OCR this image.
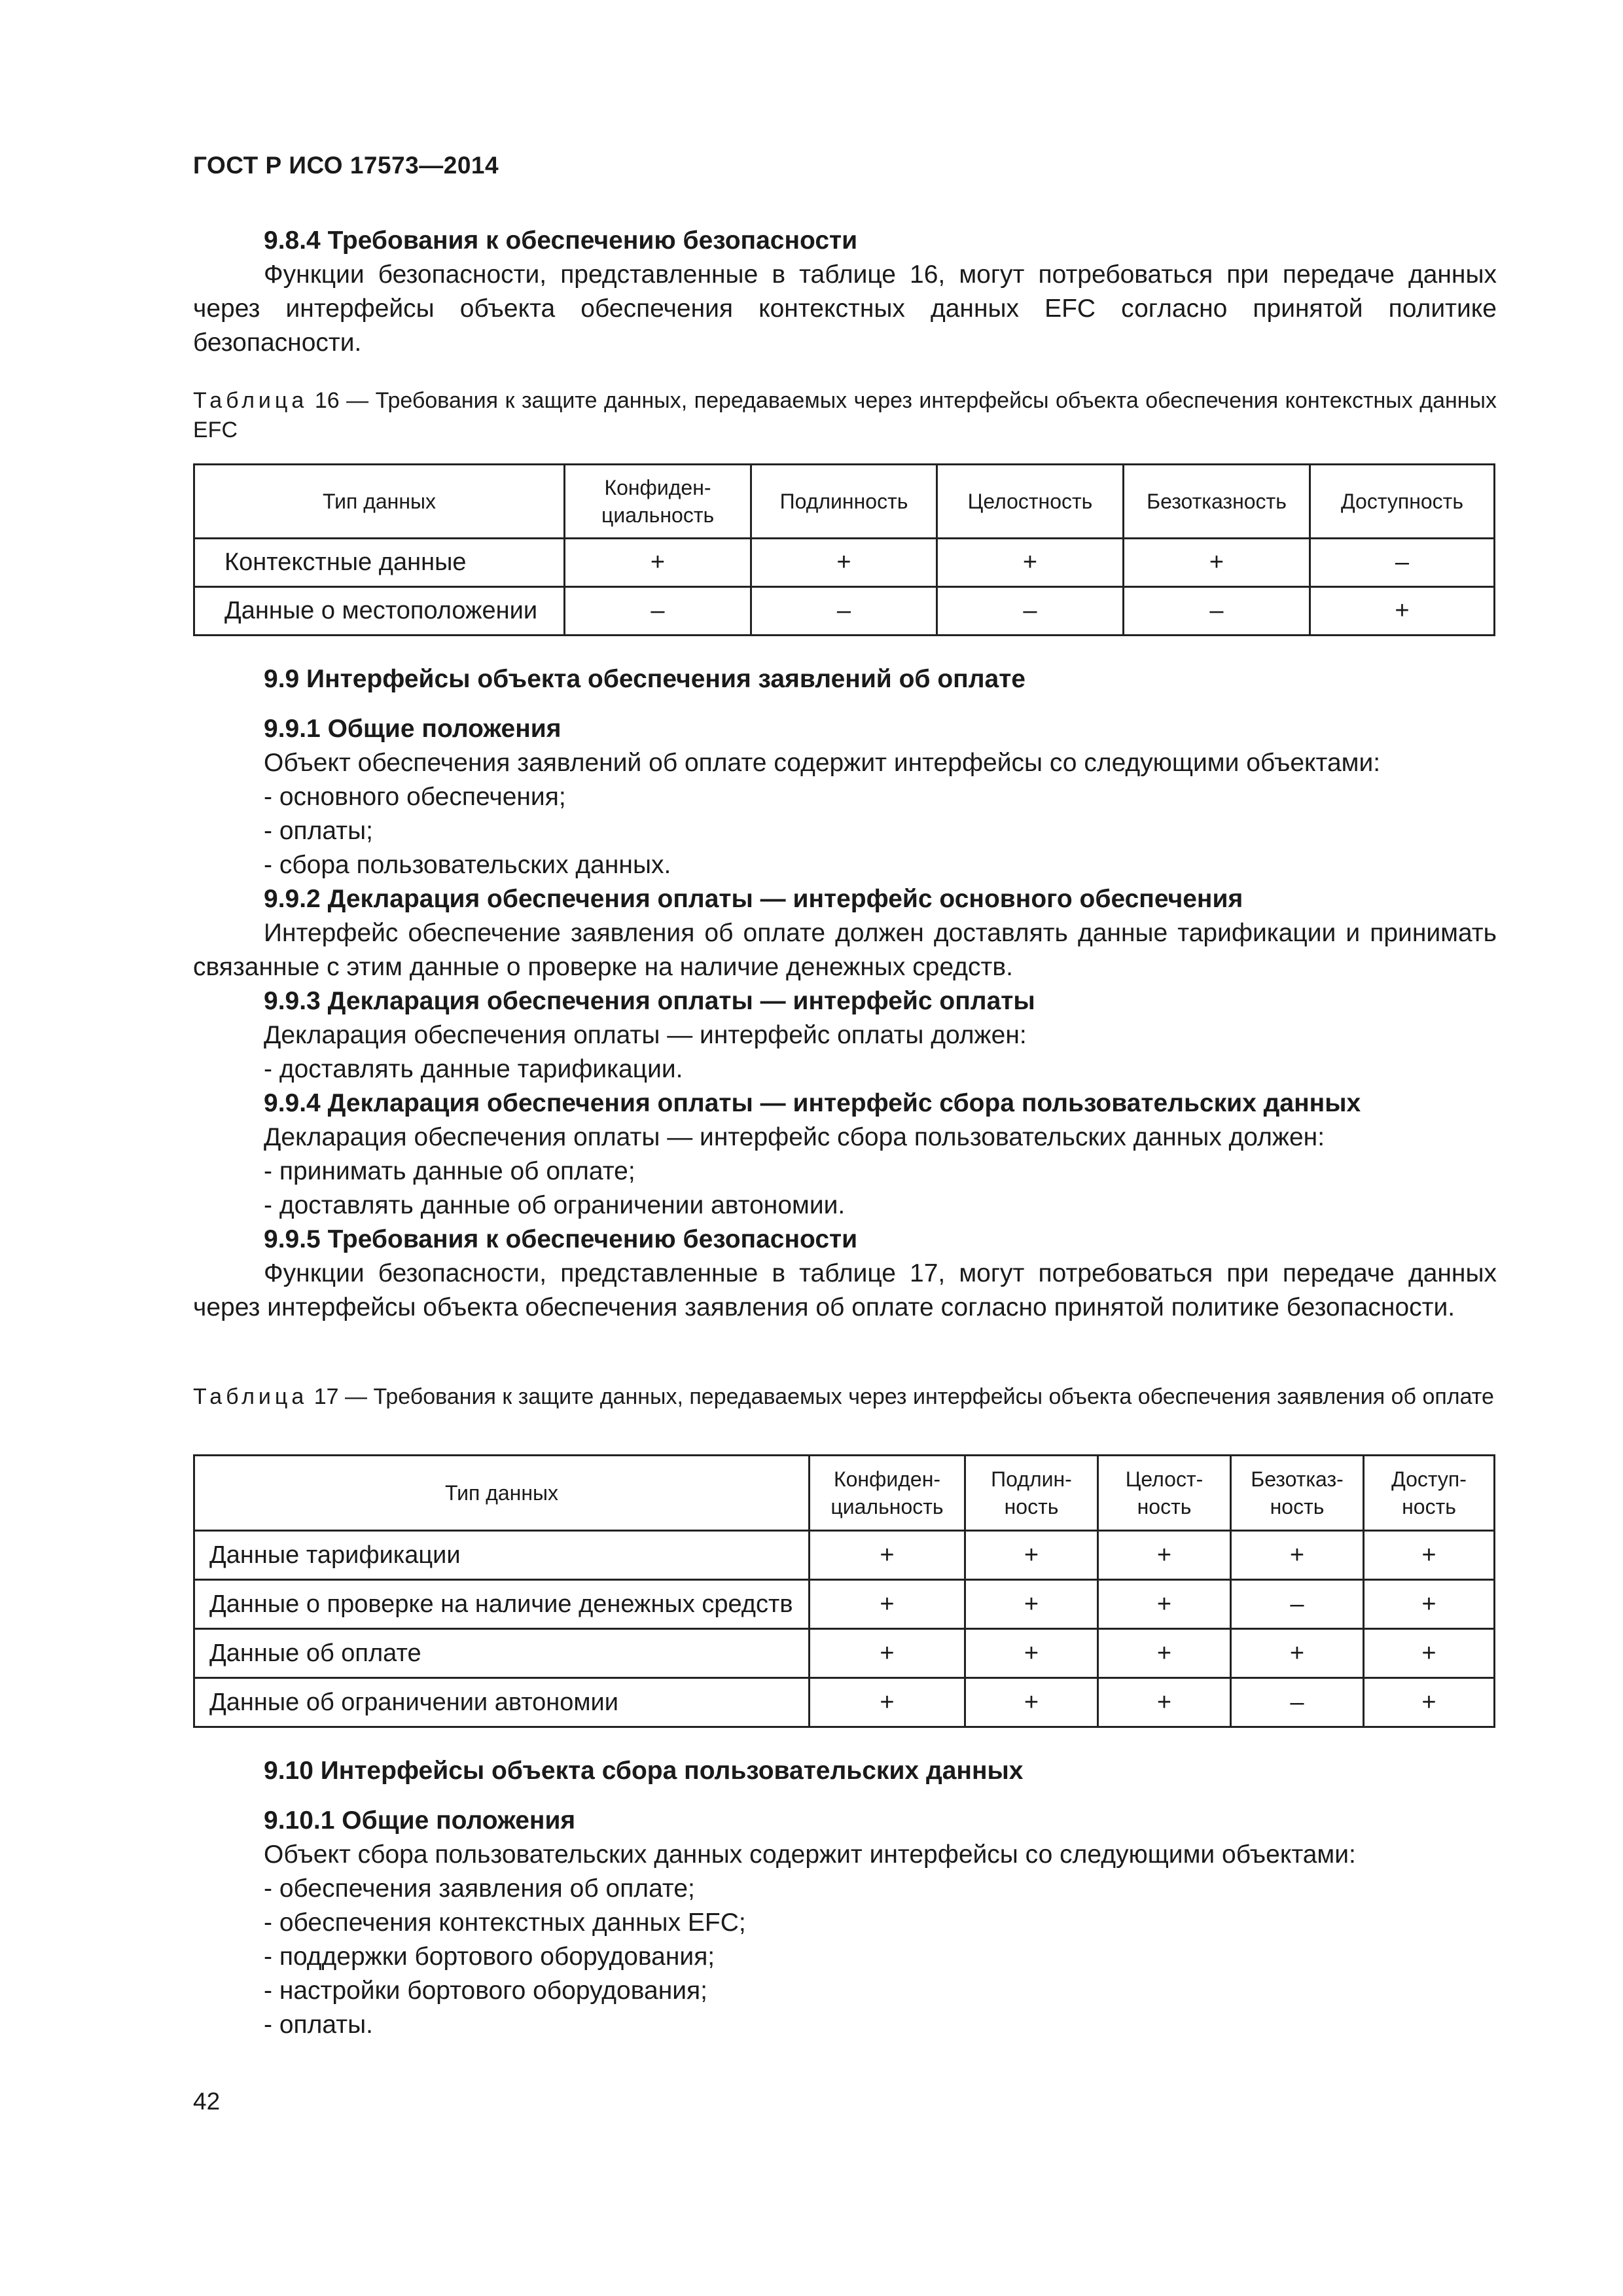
ГОСТ Р ИСО 17573—2014
9.8.4 Требования к обеспечению безопасности

Функции безопасности, представленные в таблице 16, могут потребоваться при передаче данных через интерфейсы объекта обеспечения контекстных данных EFC согласно принятой политике безопасности.

Таблица 16 — Требования к защите данных, передаваемых через интерфейсы объекта обеспечения контекстных данных EFC
Тип данных	Конфиден-циальность	Подлинность	Целостность	Безотказность	Доступность
Контекстные данные	+	+	+	+	–
Данные о местоположении	–	–	–	–	+
9.9 Интерфейсы объекта обеспечения заявлений об оплате
9.9.1 Общие положения
Объект обеспечения заявлений об оплате содержит интерфейсы со следующими объектами:
- основного обеспечения;
- оплаты;
- сбора пользовательских данных.
9.9.2 Декларация обеспечения оплаты — интерфейс основного обеспечения

Интерфейс обеспечение заявления об оплате должен доставлять данные тарификации и принимать связанные с этим данные о проверке на наличие денежных средств.

9.9.3 Декларация обеспечения оплаты — интерфейс оплаты
Декларация обеспечения оплаты — интерфейс оплаты должен:
- доставлять данные тарификации.
9.9.4 Декларация обеспечения оплаты — интерфейс сбора пользовательских данных
Декларация обеспечения оплаты — интерфейс сбора пользовательских данных должен:
- принимать данные об оплате;
- доставлять данные об ограничении автономии.
9.9.5 Требования к обеспечению безопасности

Функции безопасности, представленные в таблице 17, могут потребоваться при передаче данных через интерфейсы объекта обеспечения заявления об оплате согласно принятой политике безопасности.

Таблица 17 — Требования к защите данных, передаваемых через интерфейсы объекта обеспечения заявления об оплате
Тип данных	Конфиден-циальность	Подлин-ность	Целост-ность	Безотказ-ность	Доступ-ность
Данные тарификации	+	+	+	+	+
Данные о проверке на наличие денежных средств	+	+	+	–	+
Данные об оплате	+	+	+	+	+
Данные об ограничении автономии	+	+	+	–	+
9.10 Интерфейсы объекта сбора пользовательских данных
9.10.1 Общие положения
Объект сбора пользовательских данных содержит интерфейсы со следующими объектами:
- обеспечения заявления об оплате;
- обеспечения контекстных данных EFC;
- поддержки бортового оборудования;
- настройки бортового оборудования;
- оплаты.
42
